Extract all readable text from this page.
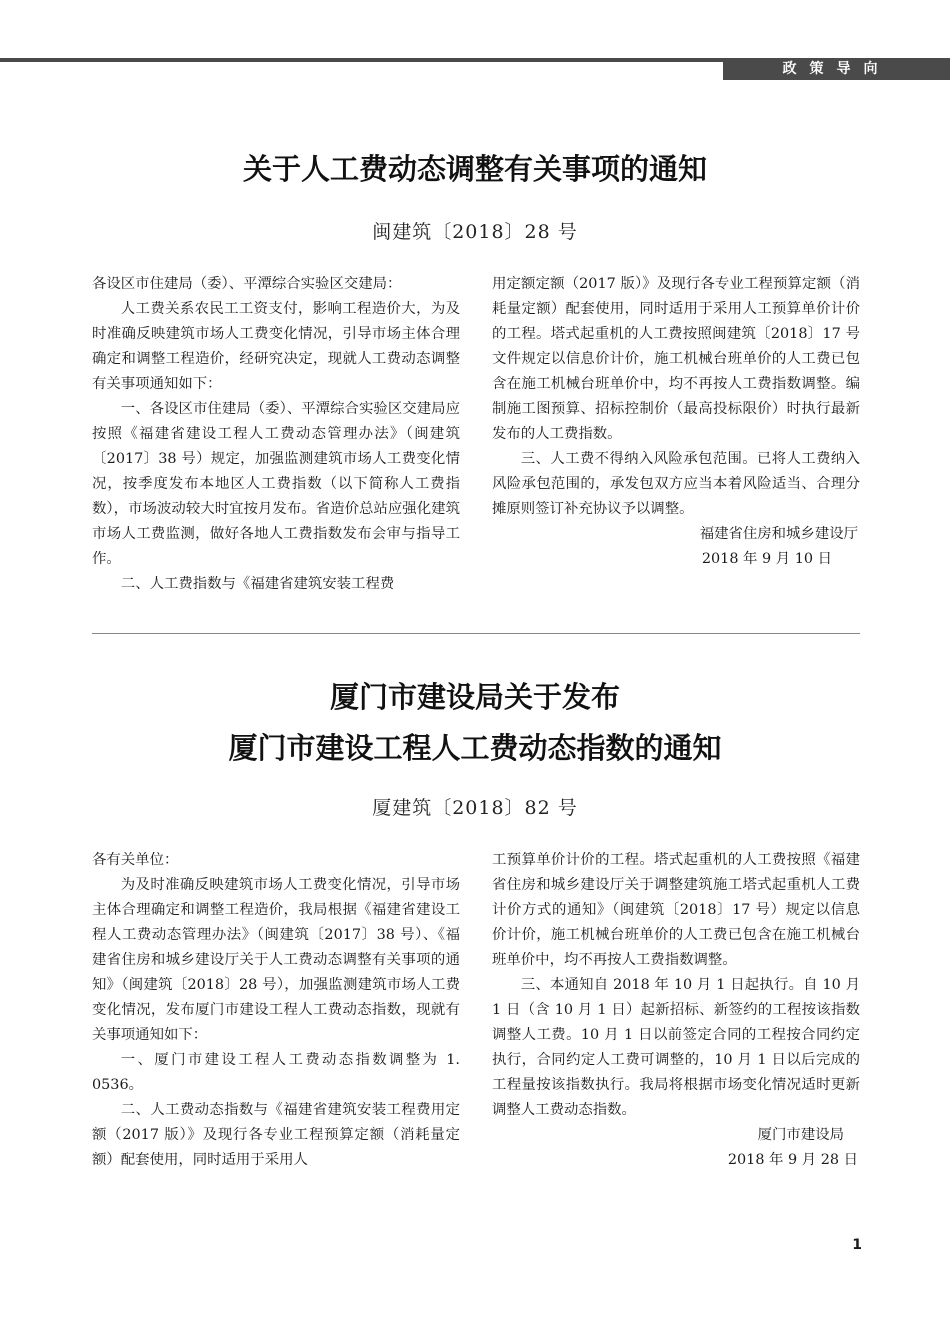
政策导向
关于人工费动态调整有关事项的通知
闽建筑〔2018〕28 号

各设区市住建局（委）、平潭综合实验区交建局：

人工费关系农民工工资支付，影响工程造价大，为及时准确反映建筑市场人工费变化情况，引导市场主体合理确定和调整工程造价，经研究决定，现就人工费动态调整有关事项通知如下：

一、各设区市住建局（委）、平潭综合实验区交建局应按照《福建省建设工程人工费动态管理办法》（闽建筑〔2017〕38 号）规定，加强监测建筑市场人工费变化情况，按季度发布本地区人工费指数（以下简称人工费指数），市场波动较大时宜按月发布。省造价总站应强化建筑市场人工费监测，做好各地人工费指数发布会审与指导工作。

二、人工费指数与《福建省建筑安装工程费

用定额定额（2017 版）》及现行各专业工程预算定额（消耗量定额）配套使用，同时适用于采用人工预算单价计价的工程。塔式起重机的人工费按照闽建筑〔2018〕17 号文件规定以信息价计价，施工机械台班单价的人工费已包含在施工机械台班单价中，均不再按人工费指数调整。编制施工图预算、招标控制价（最高投标限价）时执行最新发布的人工费指数。

三、人工费不得纳入风险承包范围。已将人工费纳入风险承包范围的，承发包双方应当本着风险适当、合理分摊原则签订补充协议予以调整。

福建省住房和城乡建设厅

2018 年 9 月 10 日

厦门市建设局关于发布
厦门市建设工程人工费动态指数的通知
厦建筑〔2018〕82 号

各有关单位：

为及时准确反映建筑市场人工费变化情况，引导市场主体合理确定和调整工程造价，我局根据《福建省建设工程人工费动态管理办法》（闽建筑〔2017〕38 号）、《福建省住房和城乡建设厅关于人工费动态调整有关事项的通知》（闽建筑〔2018〕28 号），加强监测建筑市场人工费变化情况，发布厦门市建设工程人工费动态指数，现就有关事项通知如下：

一、厦门市建设工程人工费动态指数调整为 1. 0536。

二、人工费动态指数与《福建省建筑安装工程费用定额（2017 版）》及现行各专业工程预算定额（消耗量定额）配套使用，同时适用于采用人

工预算单价计价的工程。塔式起重机的人工费按照《福建省住房和城乡建设厅关于调整建筑施工塔式起重机人工费计价方式的通知》（闽建筑〔2018〕17 号）规定以信息价计价，施工机械台班单价的人工费已包含在施工机械台班单价中，均不再按人工费指数调整。

三、本通知自 2018 年 10 月 1 日起执行。自 10 月 1 日（含 10 月 1 日）起新招标、新签约的工程按该指数调整人工费。10 月 1 日以前签定合同的工程按合同约定执行，合同约定人工费可调整的，10 月 1 日以后完成的工程量按该指数执行。我局将根据市场变化情况适时更新调整人工费动态指数。

厦门市建设局

2018 年 9 月 28 日

1
